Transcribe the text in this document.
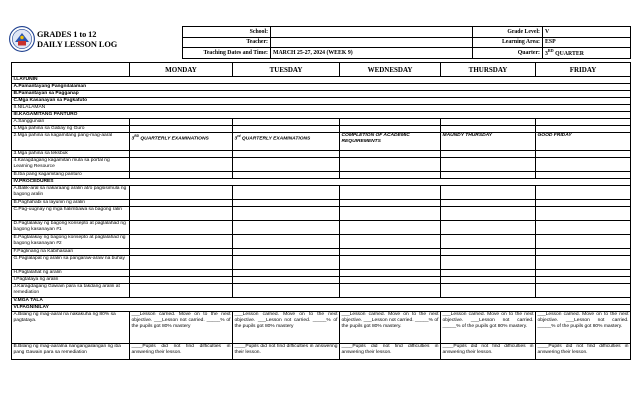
GRADES 1 to 12
DAILY LESSON LOG
School:		Grade Level:	V
Teacher:		Learning Area:	ESP
Teaching Dates and Time:	MARCH 25-27, 2024 (WEEK 9)	Quarter:	3RD QUARTER
	MONDAY	TUESDAY	WEDNESDAY	THURSDAY	FRIDAY
I.LAYUNIN					
A.Pamantayang Pangnilalaman					
B.Pamantayan sa Pagganap					
C.Mga Kasanayan sa Pagkatuto					
II.NILALAMAN					
III.KAGAMITANG PANTURO					
A.Sanggunian					
1.Mga pahina sa Gabay ng Guro					
2.Mga pahina sa kagamitang pang-mag-aaral	3RD QUARTERLY EXAMINATIONS	3rd QUARTERLY EXAMINATIONS	COMPLETION OF ACADEMIC REQUIREMENTS	MAUNDY THURSDAY	GOOD FRIDAY
3.Mga pahina sa teksbuk					
4.Karagdagang kagamitan mula sa portal ng Learning Resource					
B.Iba pang kagamitang panturo					
IV.PROCEDURES					
A.Balik-aral sa nakaraang aralin at/o pagsisimula ng bagong aralin					
B.Paghahabi sa layunin ng aralin					
C.Pag-uugnay ng mga halimbawa sa bagong ralin					
D.Pagtalakay ng bagong konsepto at paglalahad ng bagong kasanayan #1					
E.Pagtalakay ng bagong konsepto at paglalahad ng bagong kasanayan #2					
F.Paglinang na Kabihasaan					
G.Paglalapat ng aralin sa pangaraw-araw na buhay					
H.Paglalahat ng aralin					
I.Pagtataya ng aralin					
J.Karagdagang Gawain para sa takdang aralin at remediation					
V.MGA TALA					
VI.PAGNINILAY					
A.Bilang ng mag-aaral na nakakuha ng 80% sa pagtataya.	___Lesson carried. Move on to the next objective. ___Lesson not carried. _____% of the pupils got 80% mastery	___Lesson carried. Move on to the next objective. ___Lesson not carried. _____% of the pupils got 80% mastery	___Lesson carried. Move on to the next objective. ___Lesson not carried. _____% of the pupils got 80% mastery.	___Lesson carried. Move on to the next objective. ___Lesson not carried. _____% of the pupils got 80% mastery.	___Lesson carried. Move on to the next objective. ___Lesson not carried. _____% of the pupils got 80% mastery.
B.Bilang ng mag-aaralna nangangailangan ng iba pang Gawain para sa remediation	____Pupils did not find difficulties in answering their lesson.	____Pupils did not find difficulties in answering their lesson.	____Pupils did not find difficulties in answering their lesson.	____Pupils did not find difficulties in answering their lesson.	____Pupils did not find difficulties in answering their lesson.
